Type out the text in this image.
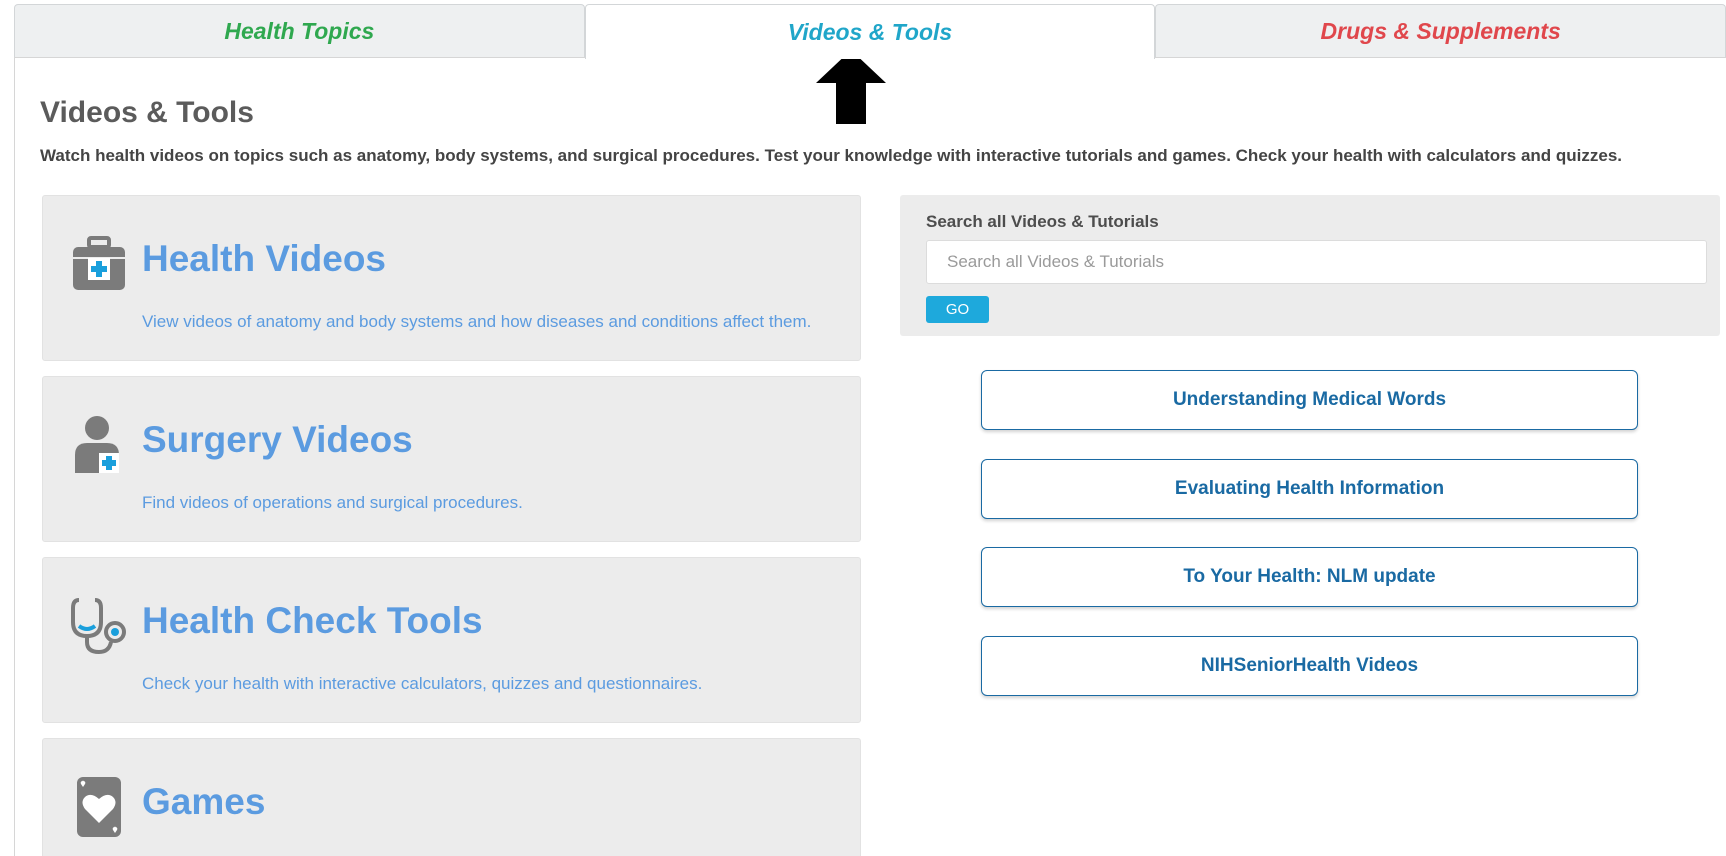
Health Topics	Videos & Tools	Drugs & Supplements
Videos & Tools
Watch health videos on topics such as anatomy, body systems, and surgical procedures. Test your knowledge with interactive tutorials and games. Check your health with calculators and quizzes.
Health Videos
View videos of anatomy and body systems and how diseases and conditions affect them.
Surgery Videos
Find videos of operations and surgical procedures.
Health Check Tools
Check your health with interactive calculators, quizzes and questionnaires.
Games
Search all Videos & Tutorials
Search all Videos & Tutorials
GO
Understanding Medical Words
Evaluating Health Information
To Your Health: NLM update
NIHSeniorHealth Videos
